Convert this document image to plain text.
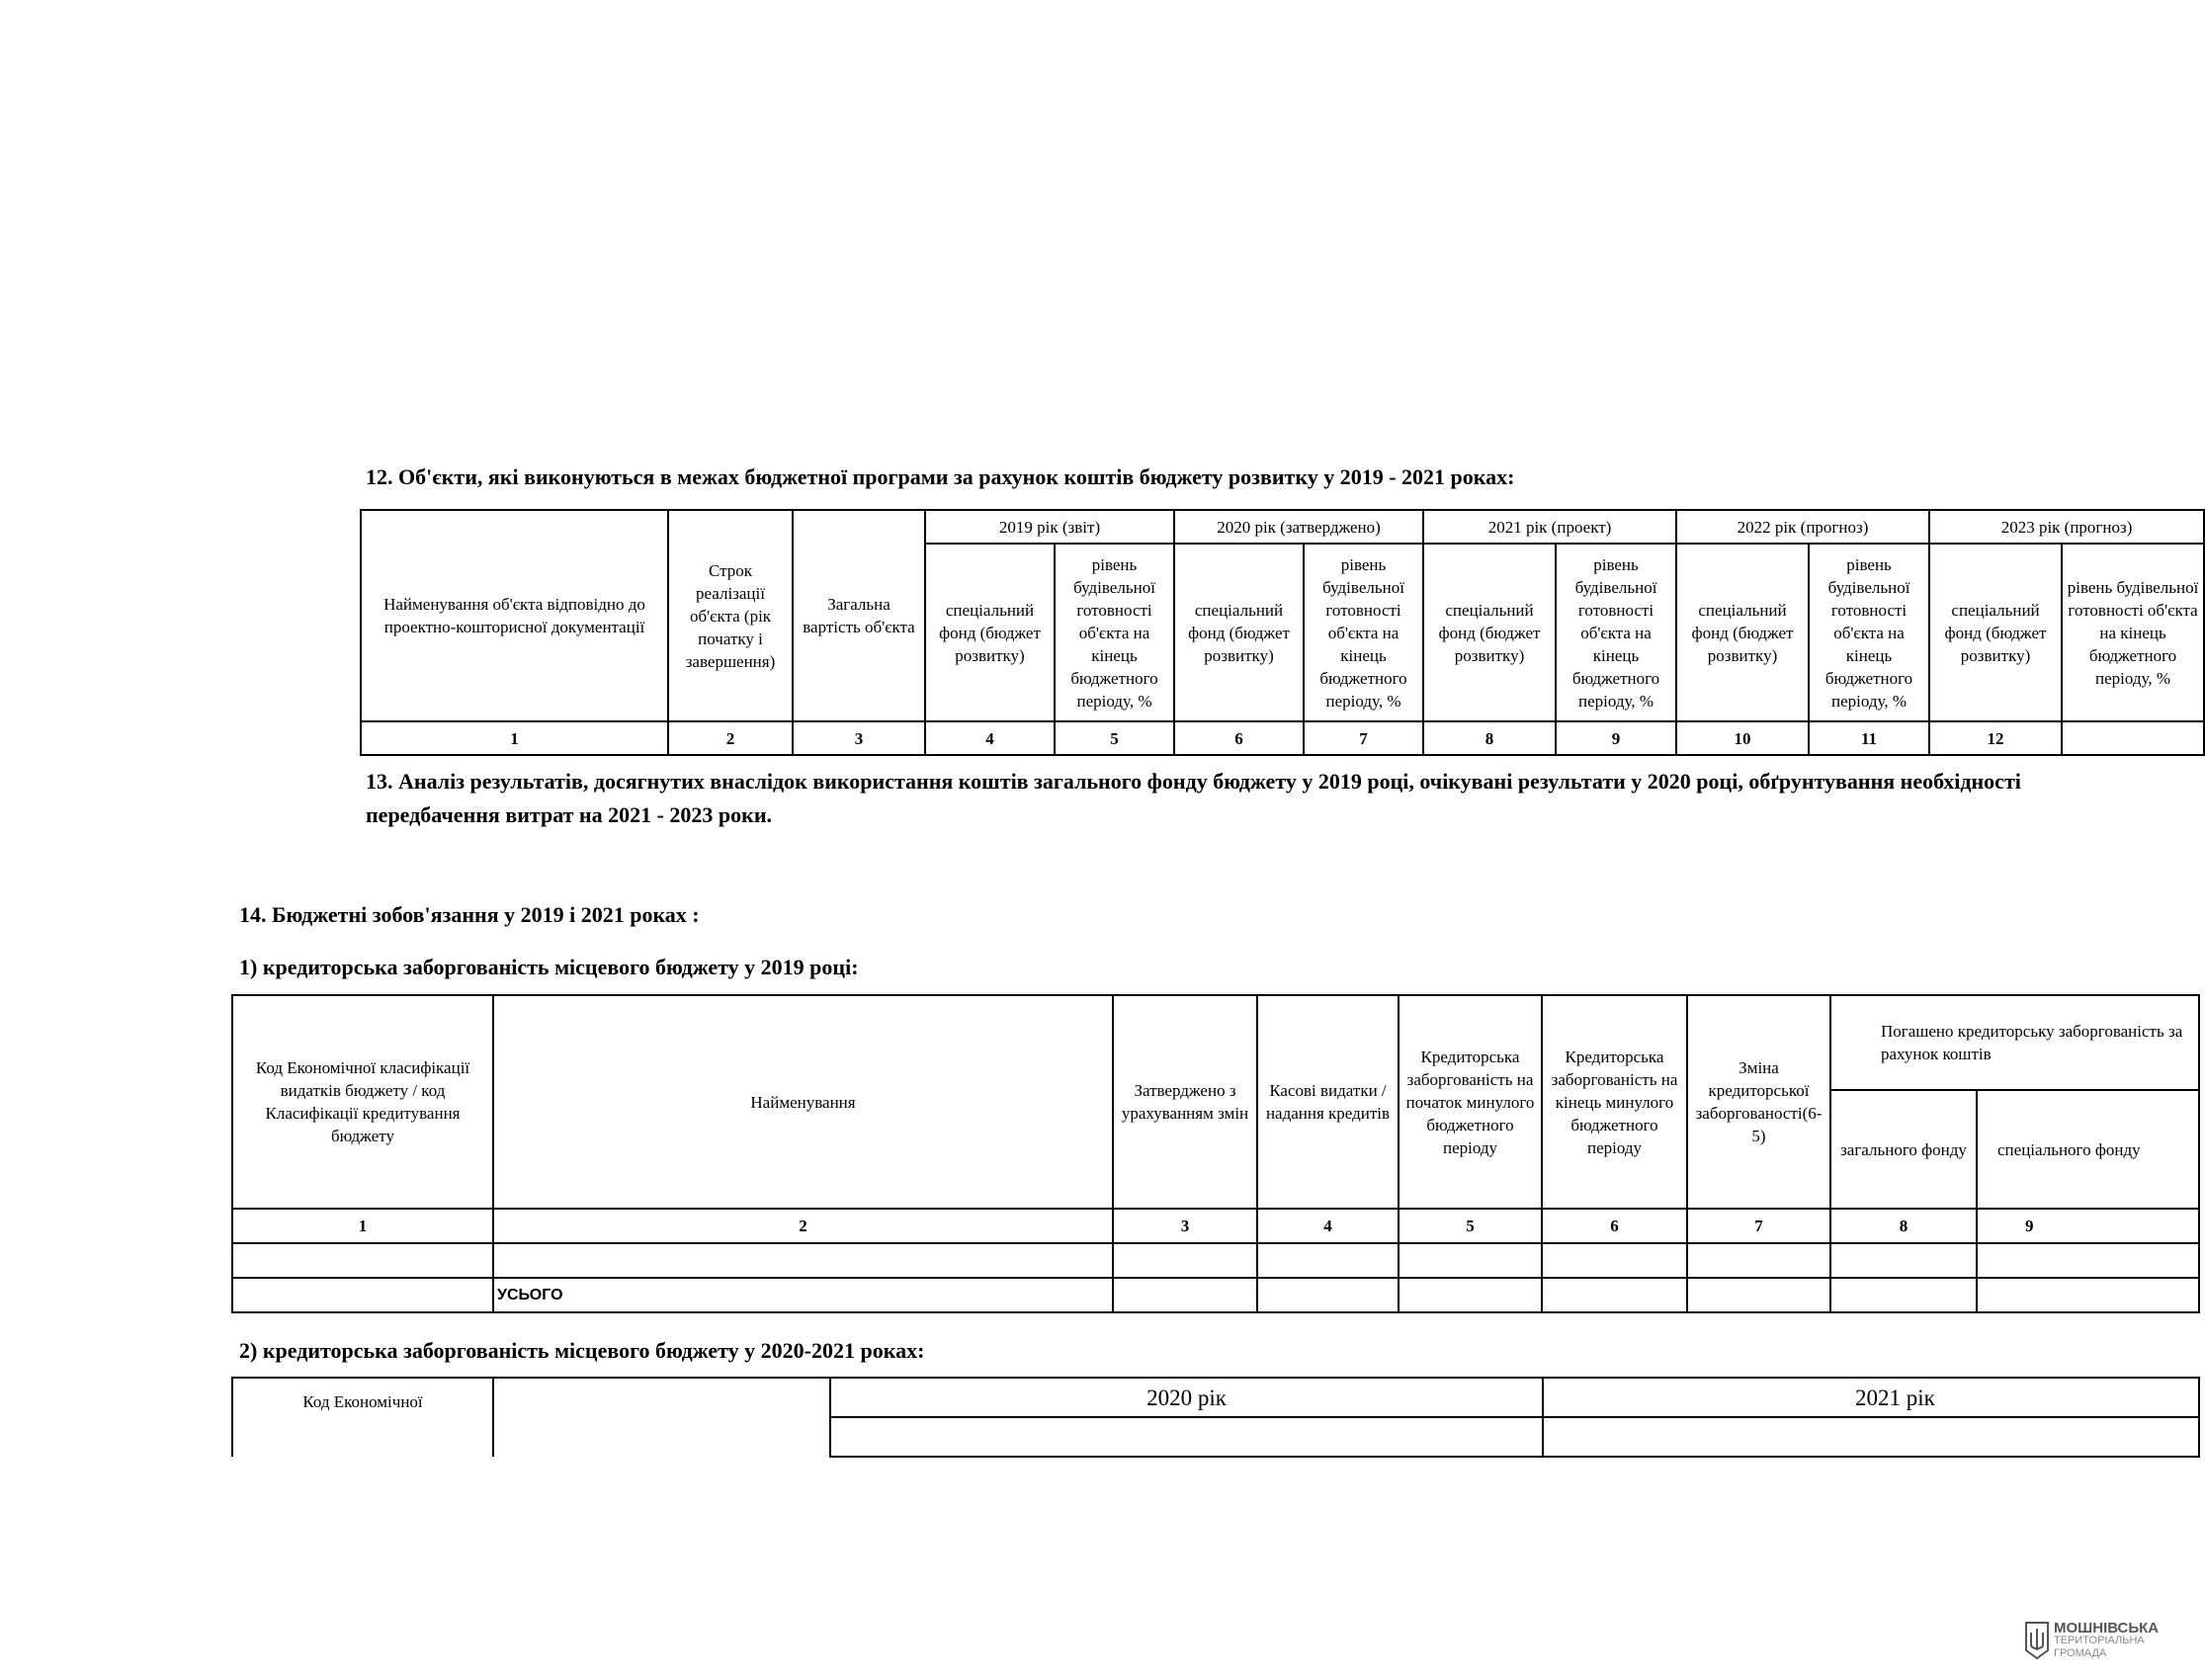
12. Об'єкти, які виконуються в межах бюджетної програми за рахунок коштів бюджету розвитку у 2019 - 2021 роках:
Найменування об'єкта відповідно до проектно-кошторисної документації	Строк реалізації об'єкта (рік початку і завершення)	Загальна вартість об'єкта	2019 рік (звіт)		2020 рік (затверджено)		2021 рік (проект)		2022 рік (прогноз)		2023 рік (прогноз)	
			спеціальний фонд (бюджет розвитку)	рівень будівельної готовності об'єкта на кінець бюджетного періоду, %	спеціальний фонд (бюджет розвитку)	рівень будівельної готовності об'єкта на кінець бюджетного періоду, %	спеціальний фонд (бюджет розвитку)	рівень будівельної готовності об'єкта на кінець бюджетного періоду, %	спеціальний фонд (бюджет розвитку)	рівень будівельної готовності об'єкта на кінець бюджетного періоду, %	спеціальний фонд (бюджет розвитку)	рівень будівельної готовності об'єкта на кінець бюджетного періоду, %
1	2	3	4	5	6	7	8	9	10	11	12	
13. Аналіз результатів, досягнутих внаслідок використання коштів загального фонду бюджету у 2019 році, очікувані результати у 2020 році, обґрунтування необхідності
передбачення витрат на 2021 - 2023 роки.
14. Бюджетні зобов'язання у 2019 і 2021 роках :
1) кредиторська заборгованість місцевого бюджету у 2019 році:
Код Економічної класифікації видатків бюджету / код Класифікації кредитування бюджету	Найменування	Затверджено з урахуванням змін	Касові видатки / надання кредитів	Кредиторська заборгованість на початок минулого бюджетного періоду	Кредиторська заборгованість на кінець минулого бюджетного періоду	Зміна кредиторської заборгованості(6-5)	Погашено кредиторську заборгованість за рахунок коштів	
							загального фонду	спеціального фонду
1	2	3	4	5	6	7	8	9

	УСЬОГО							
2) кредиторська заборгованість місцевого бюджету у 2020-2021 роках:
Код Економічної		2020 рік	2021 рік

МОШНІВСЬКА
ТЕРИТОРІАЛЬНА
ГРОМАДА
